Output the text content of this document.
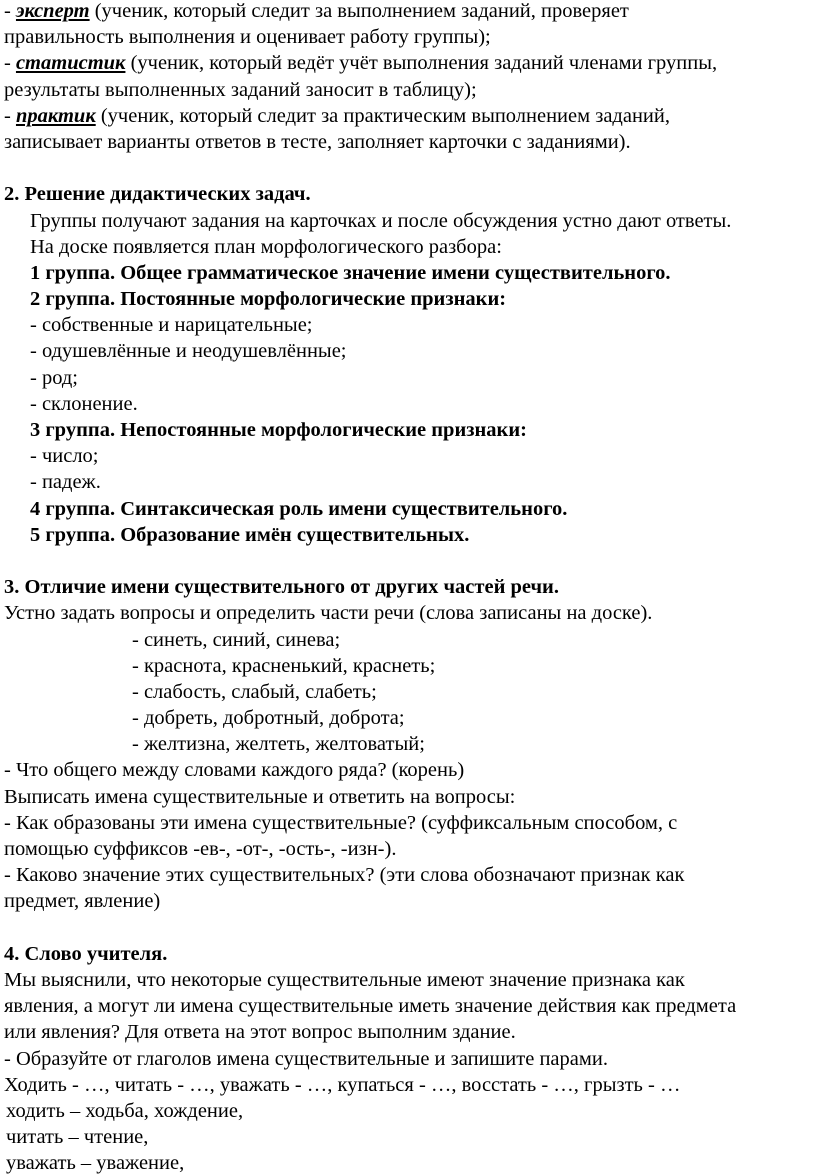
- эксперт (ученик, который следит за выполнением заданий, проверяет
правильность выполнения и оценивает работу группы);
- статистик (ученик, который ведёт учёт выполнения заданий членами группы,
результаты выполненных заданий заносит в таблицу);
- практик (ученик, который следит за практическим выполнением заданий,
записывает варианты ответов в тесте, заполняет карточки с заданиями).
2. Решение дидактических задач.
Группы получают задания на карточках и после обсуждения устно дают ответы.
На доске появляется план морфологического разбора:
1 группа. Общее грамматическое значение имени существительного.
2 группа. Постоянные морфологические признаки:
- собственные и нарицательные;
- одушевлённые и неодушевлённые;
- род;
- склонение.
3 группа. Непостоянные морфологические признаки:
- число;
- падеж.
4 группа. Синтаксическая роль имени существительного.
5 группа. Образование имён существительных.
3. Отличие имени существительного от других частей речи.
Устно задать вопросы и определить части речи (слова записаны на доске).
- синеть, синий, синева;
- краснота, красненький, краснеть;
- слабость, слабый, слабеть;
- добреть, добротный, доброта;
- желтизна, желтеть, желтоватый;
- Что общего между словами каждого ряда? (корень)
Выписать имена существительные и ответить на вопросы:
- Как образованы эти имена существительные? (суффиксальным способом, с
помощью суффиксов -ев-, -от-, -ость-, -изн-).
- Каково значение этих существительных? (эти слова обозначают признак как
предмет, явление)
4. Слово учителя.
Мы выяснили, что некоторые существительные имеют значение признака как
явления, а могут ли имена существительные иметь значение действия как предмета
или явления? Для ответа на этот вопрос выполним здание.
- Образуйте от глаголов имена существительные и запишите парами.
Ходить - …, читать - …, уважать - …, купаться - …, восстать - …, грызть - …
ходить – ходьба, хождение,
читать – чтение,
уважать – уважение,
